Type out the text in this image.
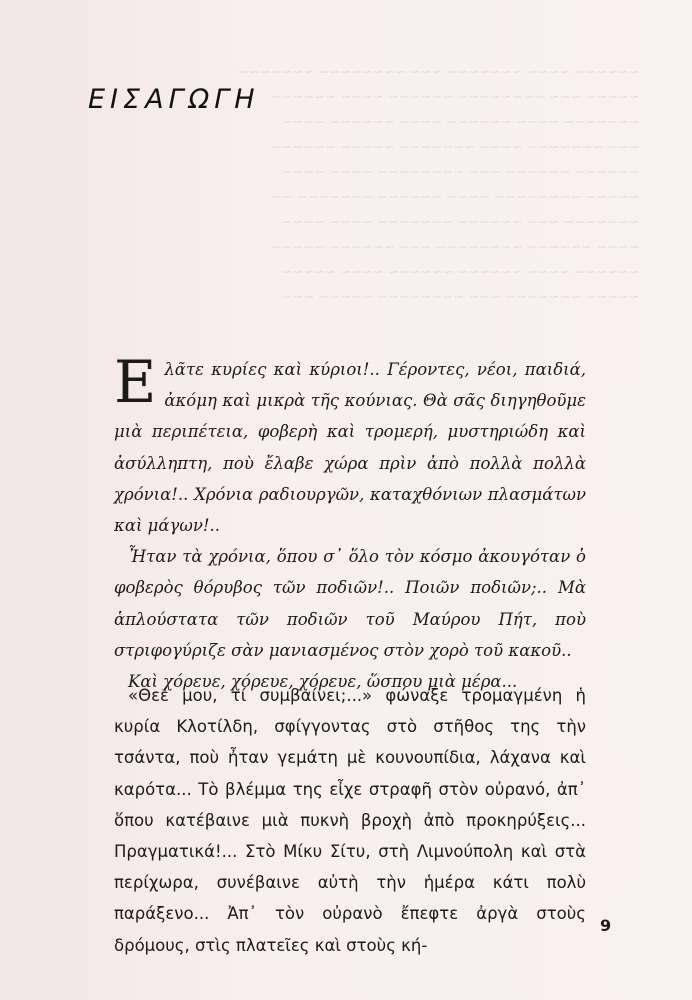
~~~~~~ ~~~~ ~~~~~~~ ~~~ ~~~~~~~~ ~~~~~~~
~~~~~ ~~~ ~~~~~~~~ ~~~~~~ ~~~~ ~~~~~~
~~~~~~~ ~~~~ ~~~~~~ ~~~~ ~~~~~~ ~~~~
~~~ ~~~~~~~ ~~~~ ~~~~~~~ ~~~~~ ~~~~~~
~~~~~~ ~~~~~~ ~~~ ~~~~~~~~ ~~~~ ~~~~
~~~~~ ~~~~~~~~ ~~~~ ~~~~~~ ~~~~~~~ ~~
~~~~~~~ ~~~ ~~~~~~ ~~~~~~~ ~~~~ ~~~~
~~~~ ~~~~~~ ~~~~~~~~ ~~~ ~~~~~~ ~~~~~
~~~~~~ ~~~~ ~~~~~~ ~~~~~~ ~~~~ ~~~~~
~~~~~ ~~~~~~~ ~~~ ~~~~~~~~ ~~~~~ ~~~
ΕΙΣΑΓΩΓΗ

Ελᾶτε κυρίες καὶ κύριοι!.. Γέροντες, νέοι, παιδιά, ἀκόμη καὶ μικρὰ τῆς κούνιας. Θὰ σᾶς διηγηθοῦμε μιὰ περιπέτεια, φοβερὴ καὶ τρομερή, μυστηριώδη καὶ ἀσύλληπτη, ποὺ ἔλαβε χώρα πρὶν ἀπὸ πολλὰ πολλὰ χρόνια!.. Χρόνια ραδιουργῶν, καταχθόνιων πλασμάτων καὶ μάγων!..

Ἦταν τὰ χρόνια, ὅπου σ᾿ ὅλο τὸν κόσμο ἀκουγόταν ὁ φοβερὸς θόρυβος τῶν ποδιῶν!.. Ποιῶν ποδιῶν;.. Μὰ ἁπλούστατα τῶν ποδιῶν τοῦ Μαύρου Πήτ, ποὺ στριφογύριζε σὰν μανιασμένος στὸν χορὸ τοῦ κακοῦ..

Καὶ χόρευε, χόρευε, χόρευε, ὥσπου μιὰ μέρα...

«Θεέ μου, τί συμβαίνει;...» φώναξε τρομαγμένη ἡ κυρία Κλοτίλδη, σφίγγοντας στὸ στῆθος της τὴν τσάντα, ποὺ ἦταν γεμάτη μὲ κουνουπίδια, λάχανα καὶ καρότα... Τὸ βλέμμα της εἶχε στραφῆ στὸν οὐρανό, ἀπ᾿ ὅπου κατέβαινε μιὰ πυκνὴ βροχὴ ἀπὸ προκηρύξεις... Πραγματικά!... Στὸ Μίκυ Σίτυ, στὴ Λιμνούπολη καὶ στὰ περίχωρα, συνέβαινε αὐτὴ τὴν ἡμέρα κάτι πολὺ παράξενο... Ἀπ᾿ τὸν οὐρανὸ ἔπεφτε ἀργὰ στοὺς δρόμους, στὶς πλατεῖες καὶ στοὺς κή-

9
